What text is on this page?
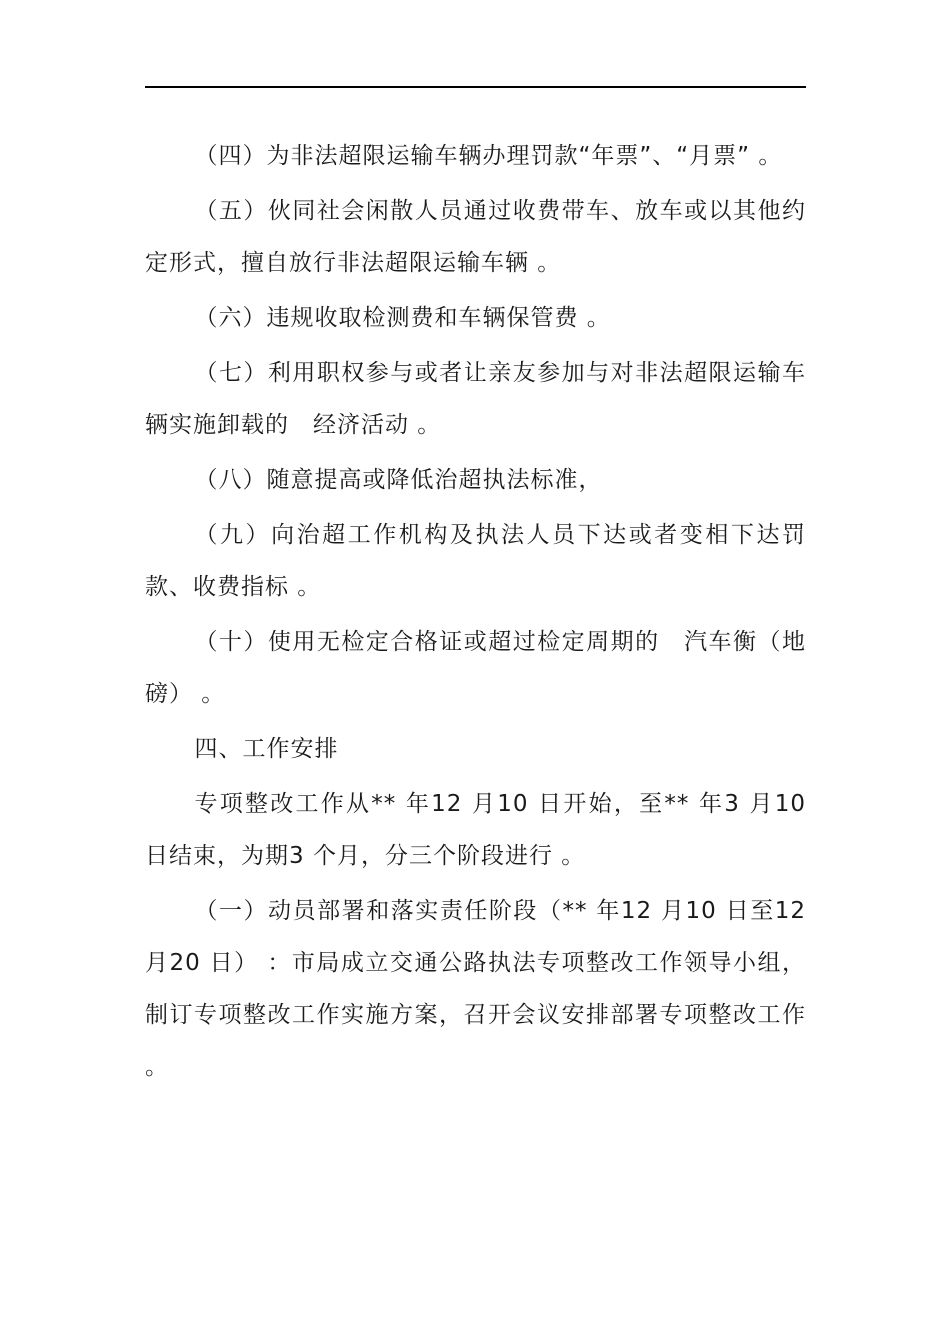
（四）为非法超限运输车辆办理罚款“年票”、“月票” 。

（五）伙同社会闲散人员通过收费带车、放车或以其他约定形式，擅自放行非法超限运输车辆 。

（六）违规收取检测费和车辆保管费 。

（七）利用职权参与或者让亲友参加与对非法超限运输车辆实施卸载的　经济活动 。

（八）随意提高或降低治超执法标准，

（九）向治超工作机构及执法人员下达或者变相下达罚款、收费指标 。

（十）使用无检定合格证或超过检定周期的　汽车衡（地磅） 。

四、工作安排

专项整改工作从** 年12 月10 日开始，至** 年3 月10 日结束，为期3 个月，分三个阶段进行 。

（一）动员部署和落实责任阶段（** 年12 月10 日至12 月20 日） ：市局成立交通公路执法专项整改工作领导小组，制订专项整改工作实施方案，召开会议安排部署专项整改工作 。
